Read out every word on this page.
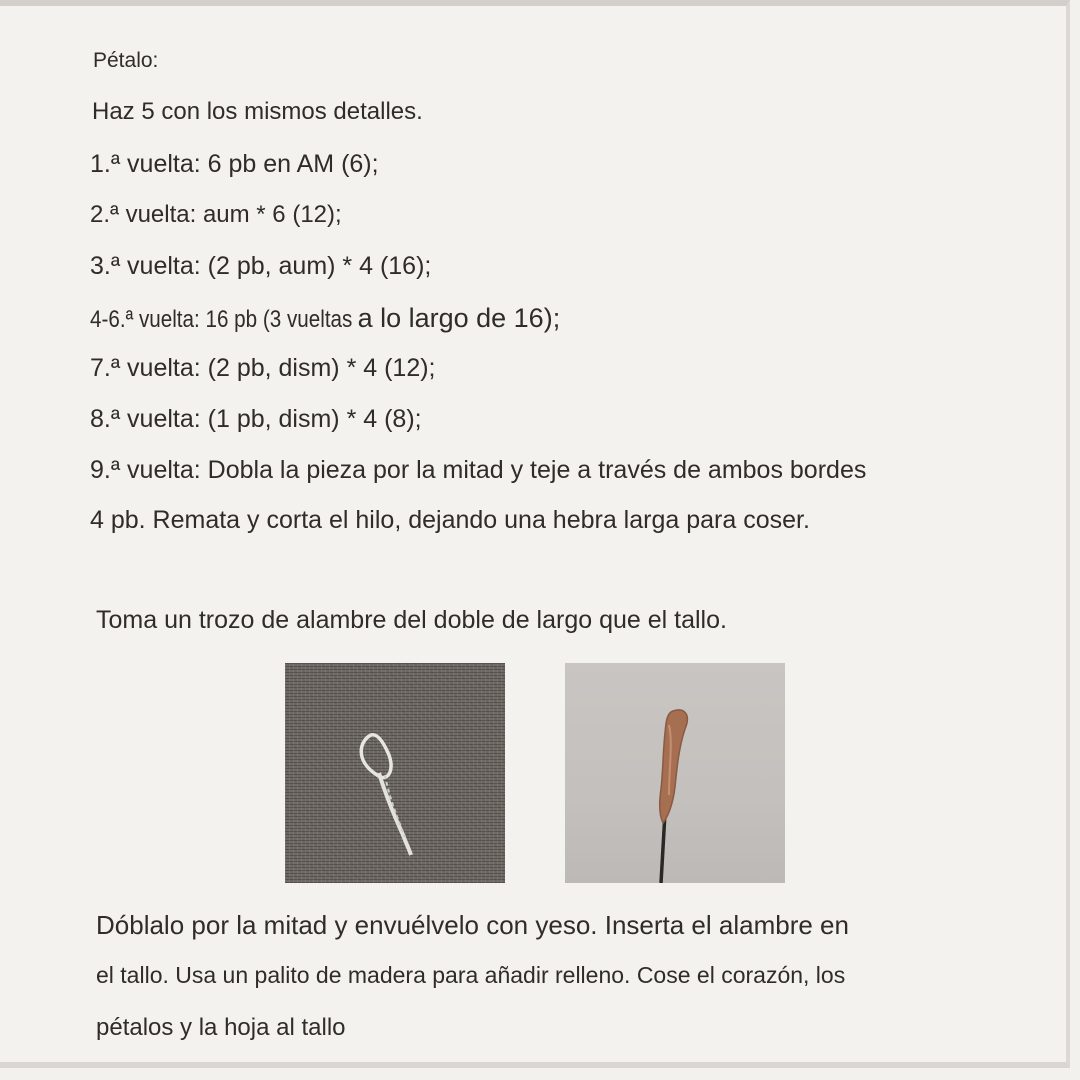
Pétalo:
Haz 5 con los mismos detalles.
1.ª vuelta: 6 pb en AM (6);
2.ª vuelta: aum * 6 (12);
3.ª vuelta: (2 pb, aum) * 4 (16);
4-6.ª vuelta: 16 pb (3 vueltas a lo largo de 16);
7.ª vuelta: (2 pb, dism) * 4 (12);
8.ª vuelta: (1 pb, dism) * 4 (8);
9.ª vuelta: Dobla la pieza por la mitad y teje a través de ambos bordes
4 pb. Remata y corta el hilo, dejando una hebra larga para coser.
Toma un trozo de alambre del doble de largo que el tallo.
Dóblalo por la mitad y envuélvelo con yeso. Inserta el alambre en
el tallo. Usa un palito de madera para añadir relleno. Cose el corazón, los
pétalos y la hoja al tallo
